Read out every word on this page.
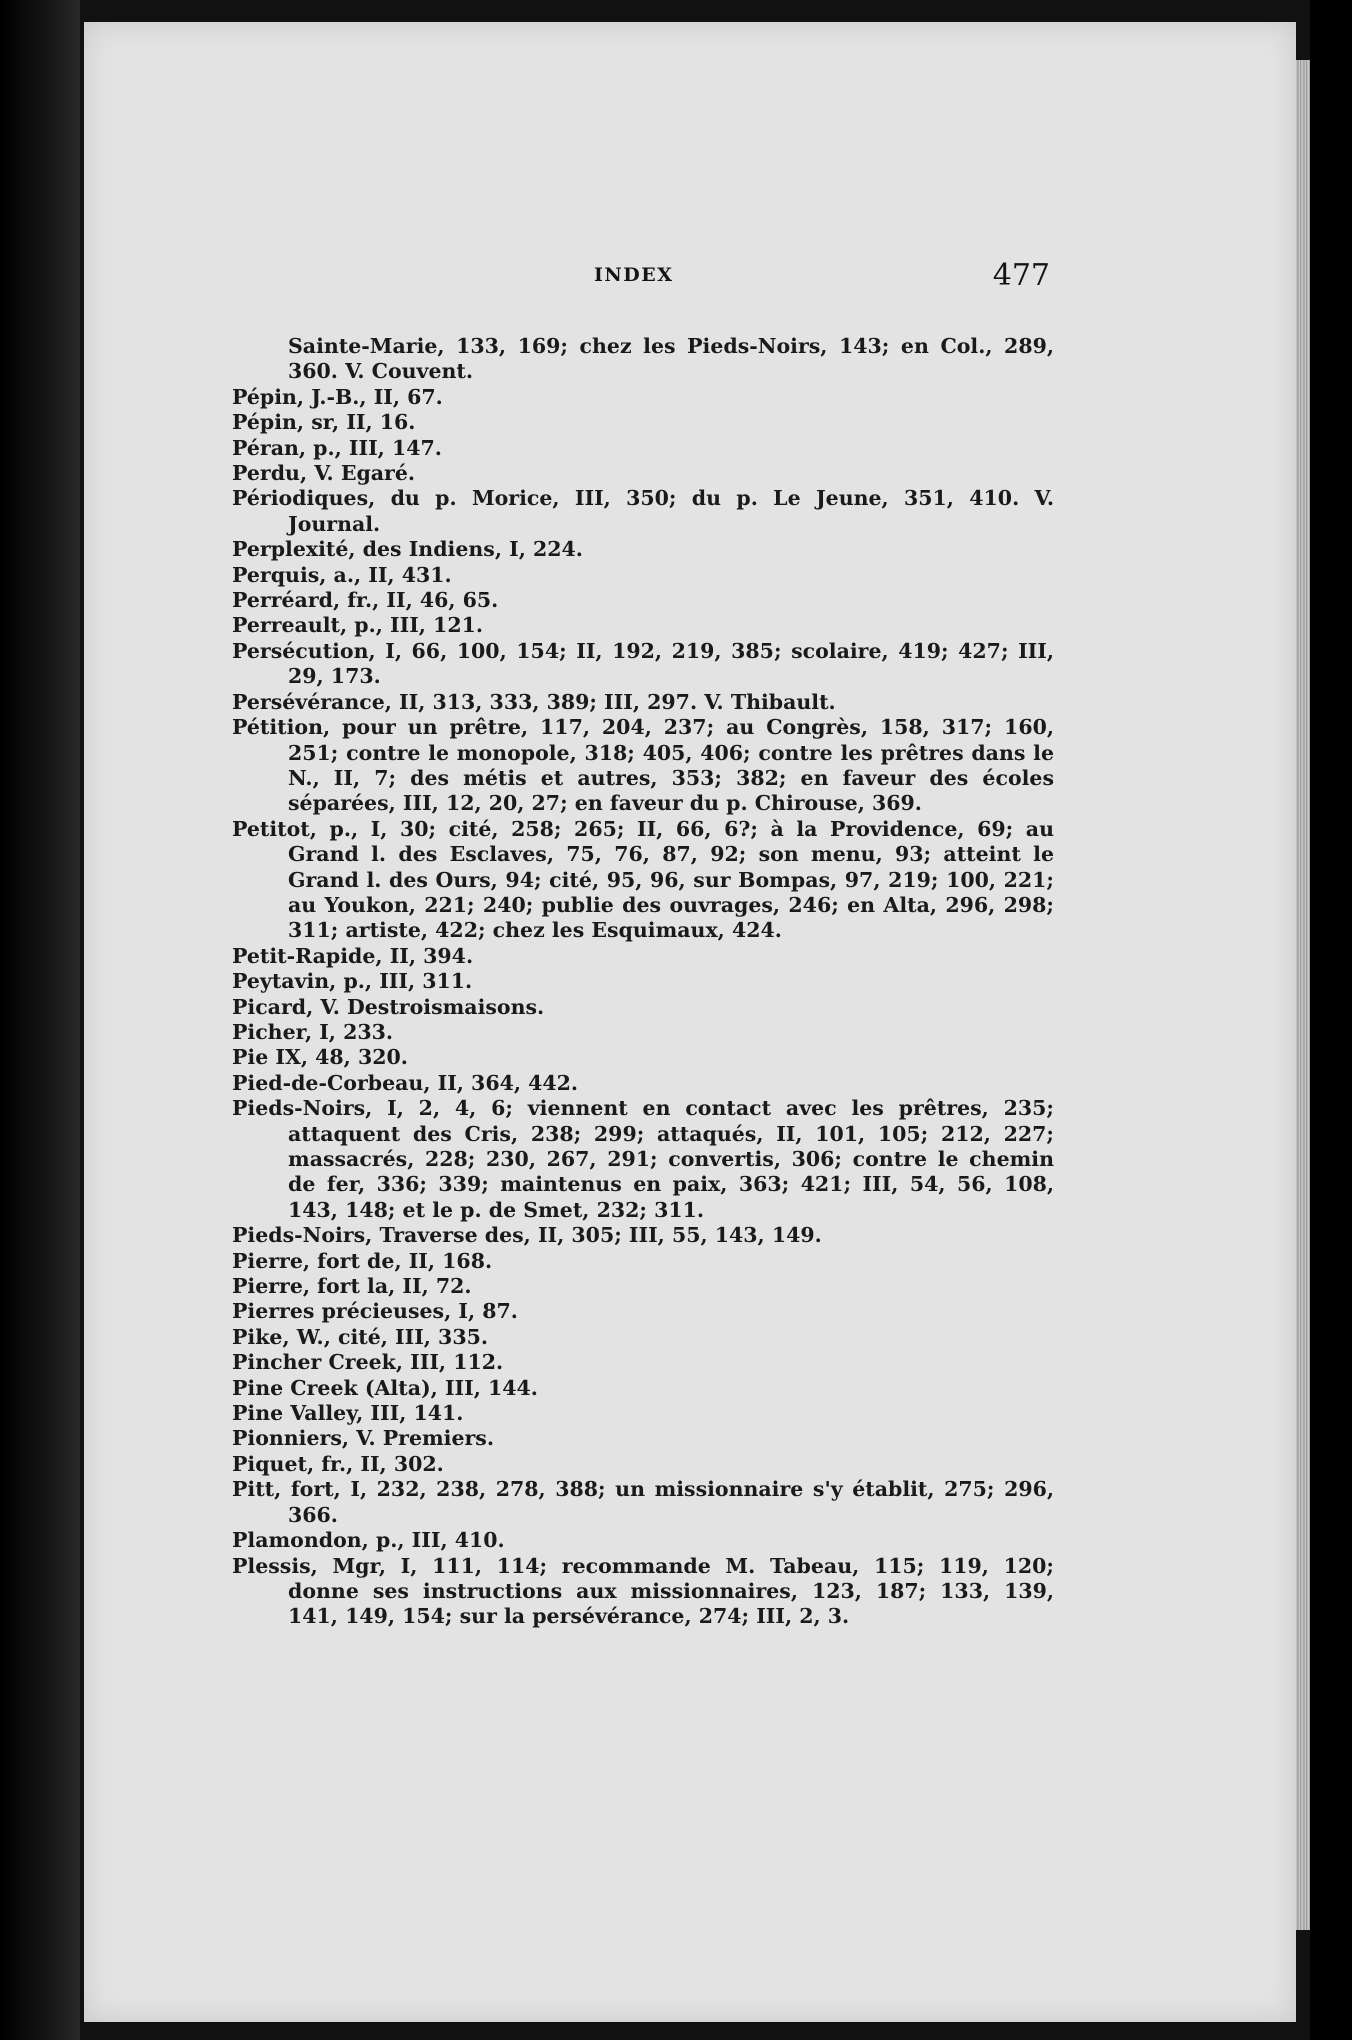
INDEX	477
Sainte-Marie, 133, 169; chez les Pieds-Noirs, 143; en Col., 289, 360. V. Couvent.
Pépin, J.-B., II, 67.
Pépin, sr, II, 16.
Péran, p., III, 147.
Perdu, V. Egaré.
Périodiques, du p. Morice, III, 350; du p. Le Jeune, 351, 410. V. Journal.
Perplexité, des Indiens, I, 224.
Perquis, a., II, 431.
Perréard, fr., II, 46, 65.
Perreault, p., III, 121.
Persécution, I, 66, 100, 154; II, 192, 219, 385; scolaire, 419; 427; III, 29, 173.
Persévérance, II, 313, 333, 389; III, 297. V. Thibault.
Pétition, pour un prêtre, 117, 204, 237; au Congrès, 158, 317; 160, 251; contre le monopole, 318; 405, 406; contre les prêtres dans le N., II, 7; des métis et autres, 353; 382; en faveur des écoles séparées, III, 12, 20, 27; en faveur du p. Chirouse, 369.
Petitot, p., I, 30; cité, 258; 265; II, 66, 6?; à la Providence, 69; au Grand l. des Esclaves, 75, 76, 87, 92; son menu, 93; atteint le Grand l. des Ours, 94; cité, 95, 96, sur Bompas, 97, 219; 100, 221; au Youkon, 221; 240; publie des ouvrages, 246; en Alta, 296, 298; 311; artiste, 422; chez les Esquimaux, 424.
Petit-Rapide, II, 394.
Peytavin, p., III, 311.
Picard, V. Destroismaisons.
Picher, I, 233.
Pie IX, 48, 320.
Pied-de-Corbeau, II, 364, 442.
Pieds-Noirs, I, 2, 4, 6; viennent en contact avec les prêtres, 235; attaquent des Cris, 238; 299; attaqués, II, 101, 105; 212, 227; massacrés, 228; 230, 267, 291; convertis, 306; contre le chemin de fer, 336; 339; maintenus en paix, 363; 421; III, 54, 56, 108, 143, 148; et le p. de Smet, 232; 311.
Pieds-Noirs, Traverse des, II, 305; III, 55, 143, 149.
Pierre, fort de, II, 168.
Pierre, fort la, II, 72.
Pierres précieuses, I, 87.
Pike, W., cité, III, 335.
Pincher Creek, III, 112.
Pine Creek (Alta), III, 144.
Pine Valley, III, 141.
Pionniers, V. Premiers.
Piquet, fr., II, 302.
Pitt, fort, I, 232, 238, 278, 388; un missionnaire s'y établit, 275; 296, 366.
Plamondon, p., III, 410.
Plessis, Mgr, I, 111, 114; recommande M. Tabeau, 115; 119, 120; donne ses instructions aux missionnaires, 123, 187; 133, 139, 141, 149, 154; sur la persévérance, 274; III, 2, 3.
